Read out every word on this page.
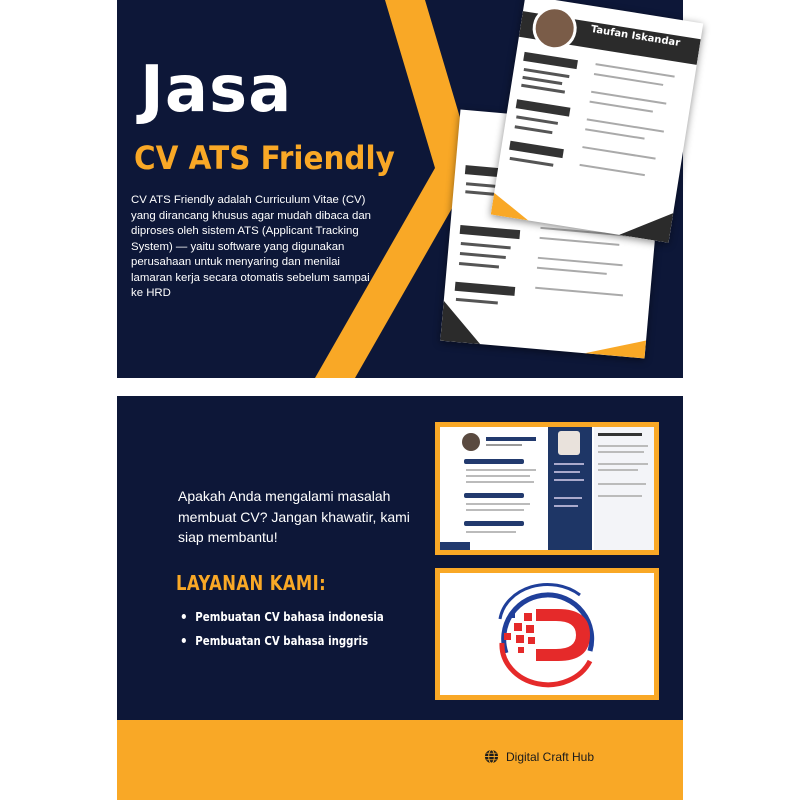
Taufan Iskandar

Jasa
CV ATS Friendly

CV ATS Friendly adalah Curriculum Vitae (CV) yang dirancang khusus agar mudah dibaca dan diproses oleh sistem ATS (Applicant Tracking System) — yaitu software yang digunakan perusahaan untuk menyaring dan menilai lamaran kerja secara otomatis sebelum sampai ke HRD

Apakah Anda mengalami masalah membuat CV? Jangan khawatir, kami siap membantu!

LAYANAN KAMI:
Pembuatan CV bahasa indonesia
Pembuatan CV bahasa inggris
Digital Craft Hub
